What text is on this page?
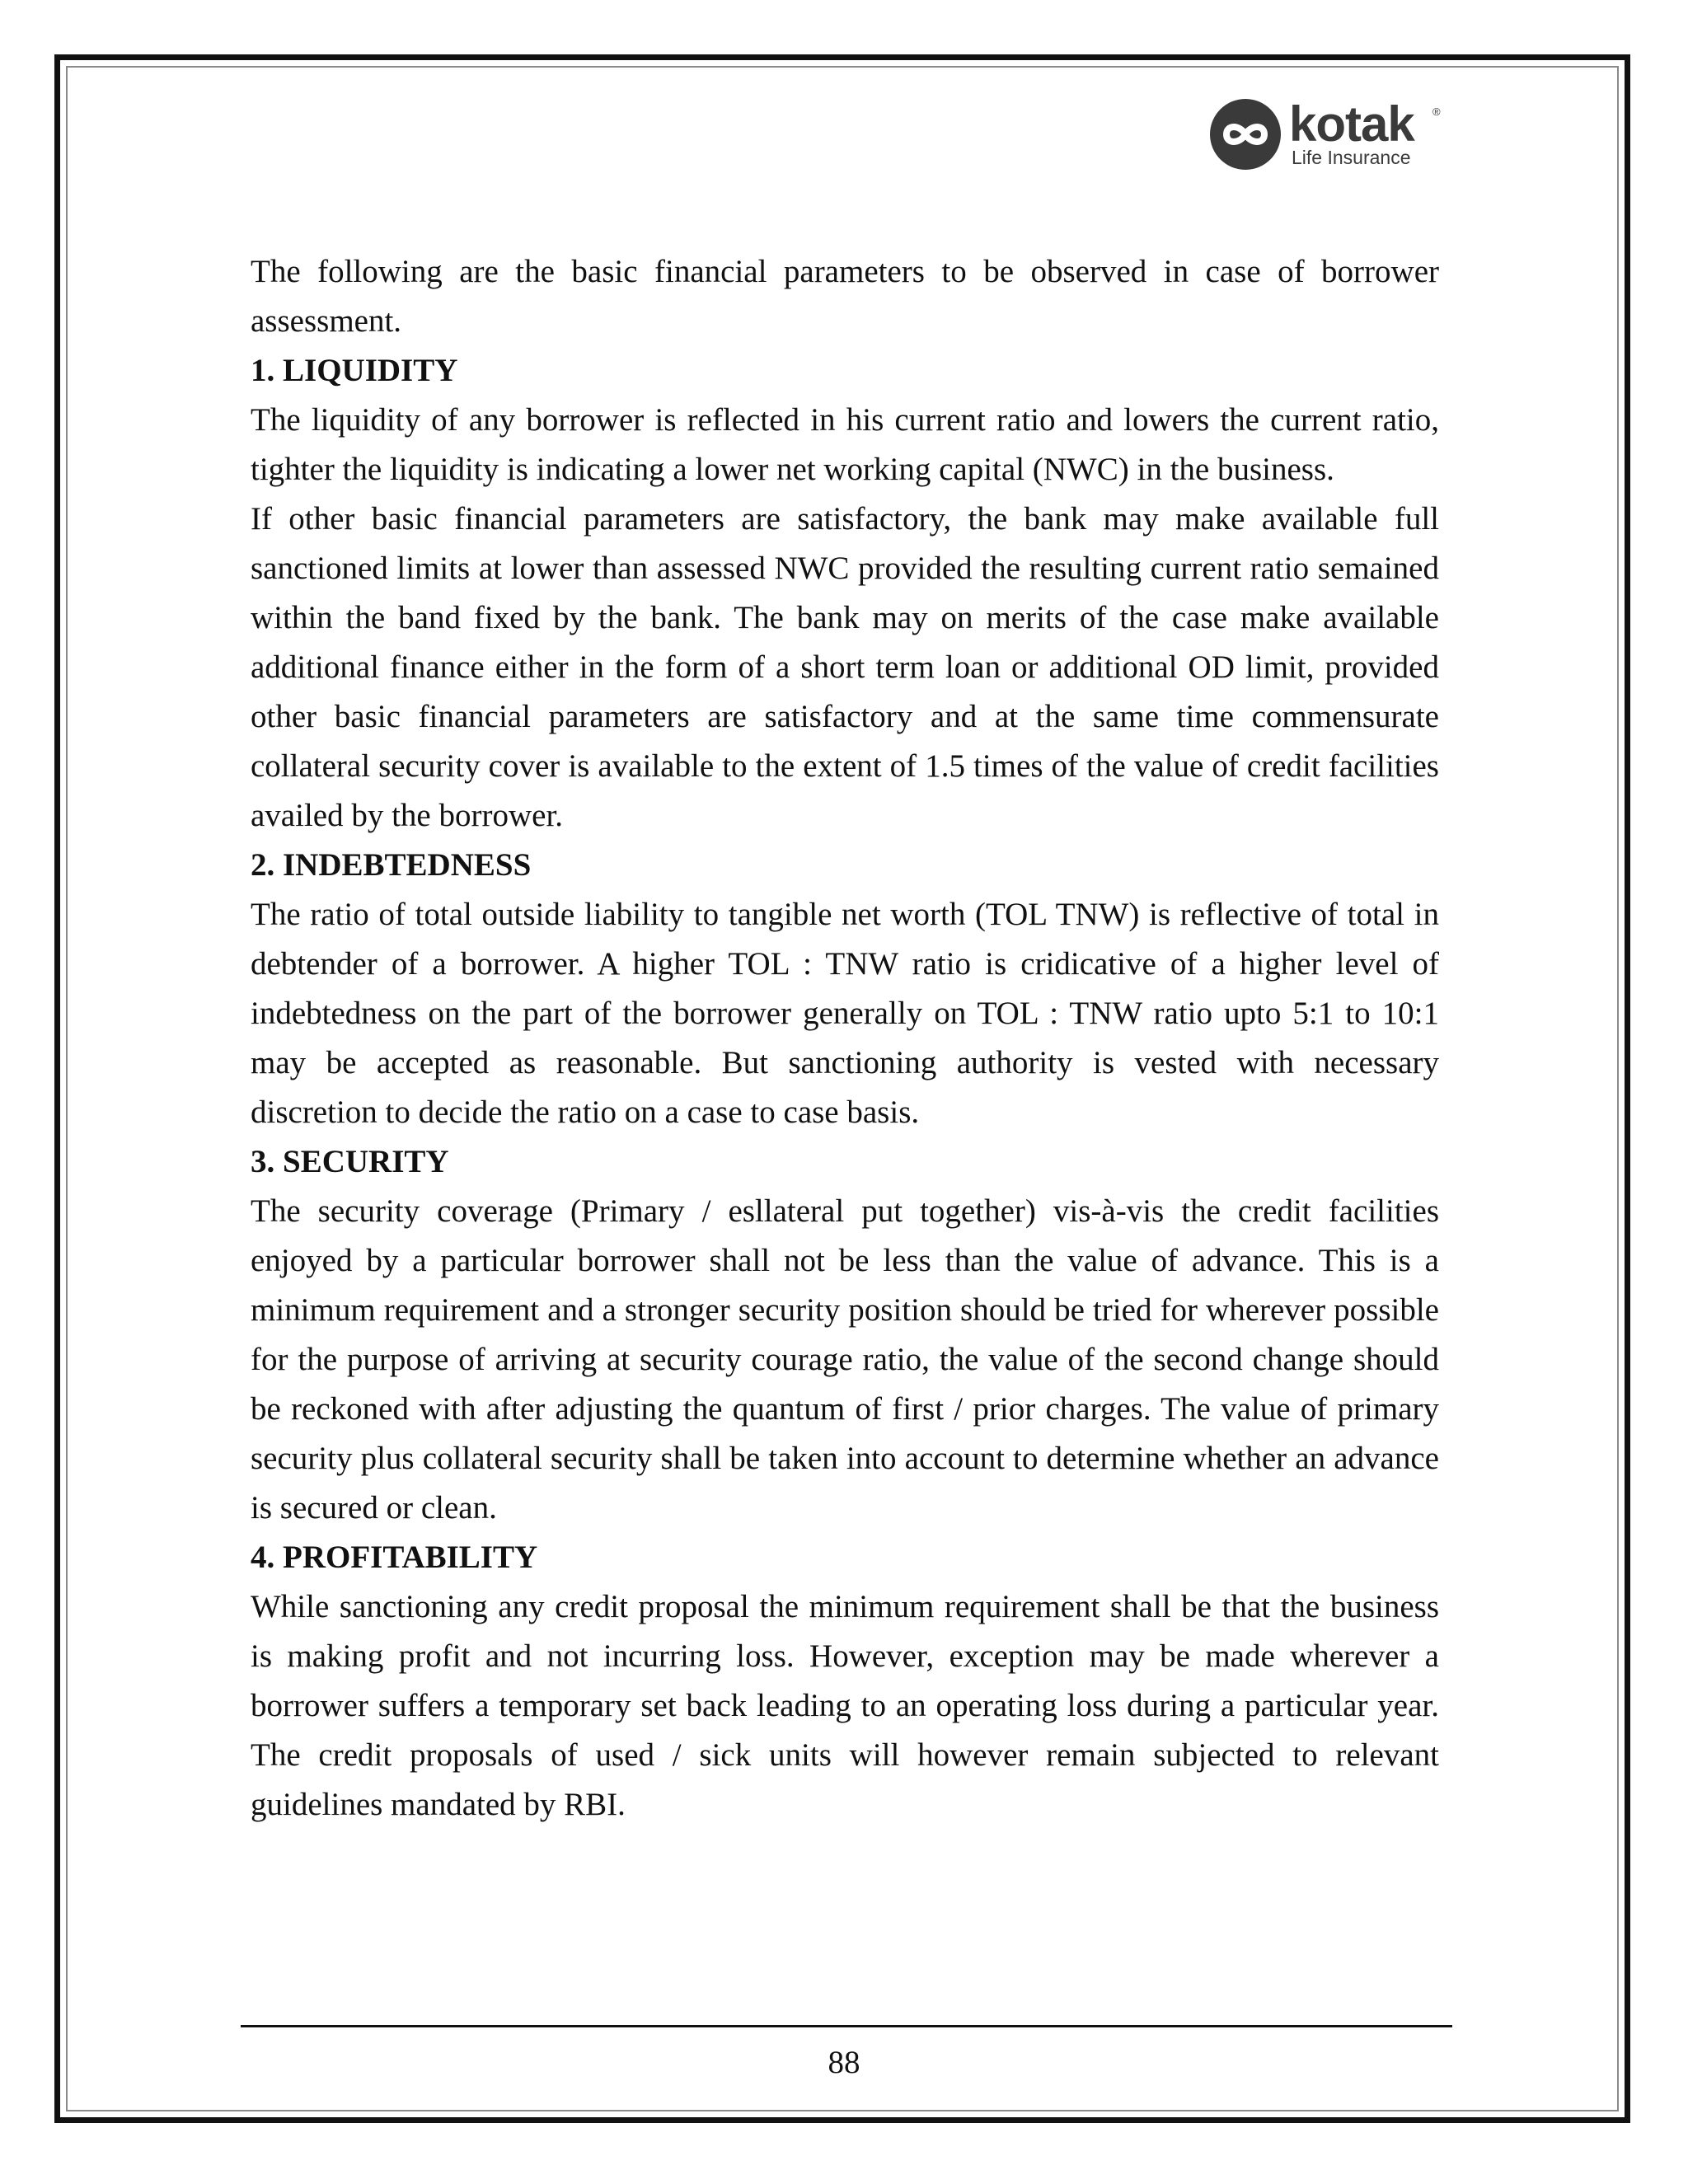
kotak ®
Life Insurance

The following are the basic financial parameters to be observed in case of borrower assessment.

1. LIQUIDITY

The liquidity of any borrower is reflected in his current ratio and lowers the current ratio, tighter the liquidity is indicating a lower net working capital (NWC) in the business.

If other basic financial parameters are satisfactory, the bank may make available full sanctioned limits at lower than assessed NWC provided the resulting current ratio semained within the band fixed by the bank. The bank may on merits of the case make available additional finance either in the form of a short term loan or additional OD limit, provided other basic financial parameters are satisfactory and at the same time commensurate collateral security cover is available to the extent of 1.5 times of the value of credit facilities availed by the borrower.

2. INDEBTEDNESS

The ratio of total outside liability to tangible net worth (TOL TNW) is reflective of total in debtender of a borrower. A higher TOL : TNW ratio is cridicative of a higher level of indebtedness on the part of the borrower generally on TOL : TNW ratio upto 5:1 to 10:1 may be accepted as reasonable. But sanctioning authority is vested with necessary discretion to decide the ratio on a case to case basis.

3. SECURITY

The security coverage (Primary / esllateral put together) vis-à-vis the credit facilities enjoyed by a particular borrower shall not be less than the value of advance. This is a minimum requirement and a stronger security position should be tried for wherever possible for the purpose of arriving at security courage ratio, the value of the second change should be reckoned with after adjusting the quantum of first / prior charges. The value of primary security plus collateral security shall be taken into account to determine whether an advance is secured or clean.

4. PROFITABILITY

While sanctioning any credit proposal the minimum requirement shall be that the business is making profit and not incurring loss. However, exception may be made wherever a borrower suffers a temporary set back leading to an operating loss during a particular year. The credit proposals of used / sick units will however remain subjected to relevant guidelines mandated by RBI.

88
